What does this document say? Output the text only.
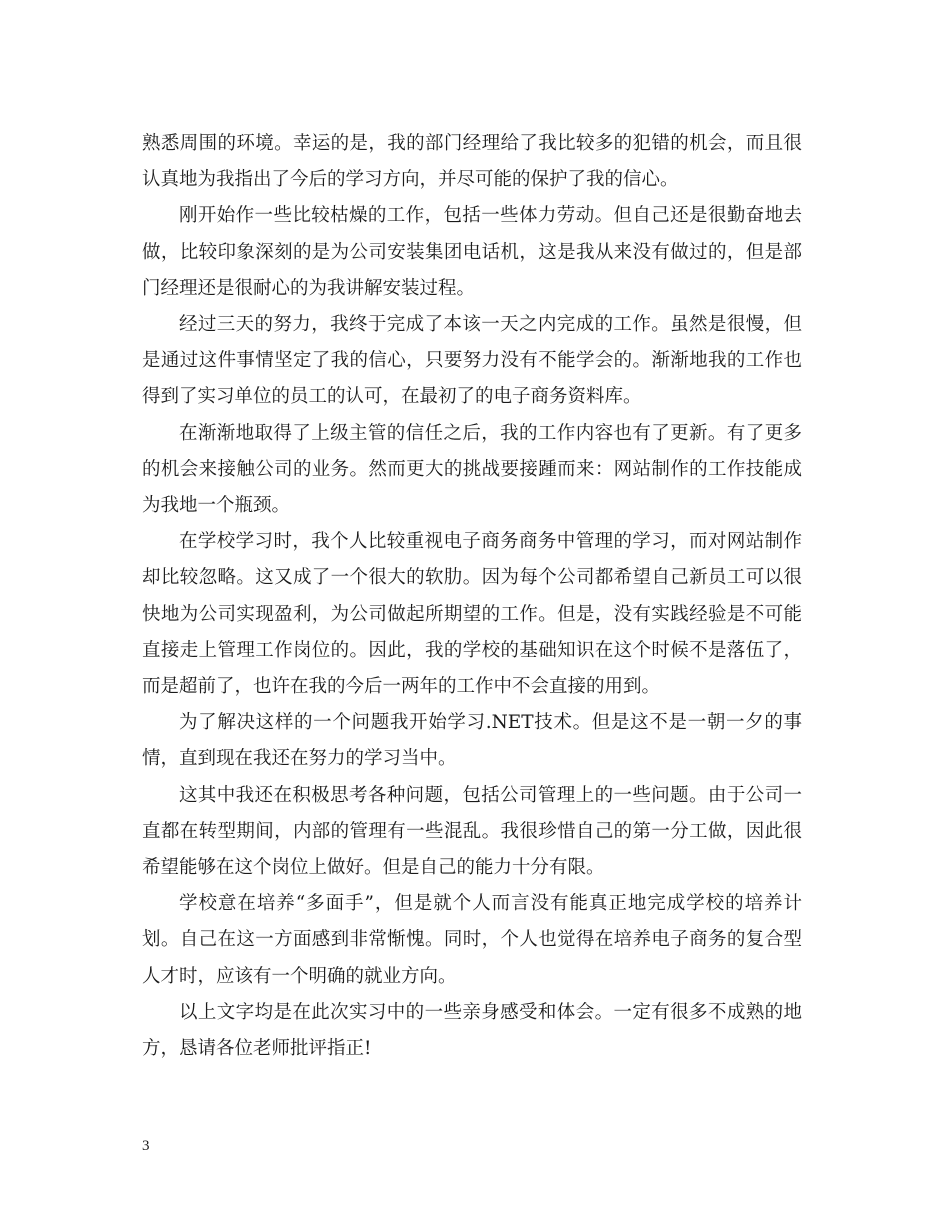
熟悉周围的环境。幸运的是，我的部门经理给了我比较多的犯错的机会，而且很认真地为我指出了今后的学习方向，并尽可能的保护了我的信心。

刚开始作一些比较枯燥的工作，包括一些体力劳动。但自己还是很勤奋地去做，比较印象深刻的是为公司安装集团电话机，这是我从来没有做过的，但是部门经理还是很耐心的为我讲解安装过程。

经过三天的努力，我终于完成了本该一天之内完成的工作。虽然是很慢，但是通过这件事情坚定了我的信心，只要努力没有不能学会的。渐渐地我的工作也得到了实习单位的员工的认可，在最初了的电子商务资料库。

在渐渐地取得了上级主管的信任之后，我的工作内容也有了更新。有了更多的机会来接触公司的业务。然而更大的挑战要接踵而来：网站制作的工作技能成为我地一个瓶颈。

在学校学习时，我个人比较重视电子商务商务中管理的学习，而对网站制作却比较忽略。这又成了一个很大的软肋。因为每个公司都希望自己新员工可以很快地为公司实现盈利，为公司做起所期望的工作。但是，没有实践经验是不可能直接走上管理工作岗位的。因此，我的学校的基础知识在这个时候不是落伍了，而是超前了，也许在我的今后一两年的工作中不会直接的用到。

为了解决这样的一个问题我开始学习.NET技术。但是这不是一朝一夕的事情，直到现在我还在努力的学习当中。

这其中我还在积极思考各种问题，包括公司管理上的一些问题。由于公司一直都在转型期间，内部的管理有一些混乱。我很珍惜自己的第一分工做，因此很希望能够在这个岗位上做好。但是自己的能力十分有限。

学校意在培养“多面手”，但是就个人而言没有能真正地完成学校的培养计划。自己在这一方面感到非常惭愧。同时，个人也觉得在培养电子商务的复合型人才时，应该有一个明确的就业方向。

以上文字均是在此次实习中的一些亲身感受和体会。一定有很多不成熟的地方，恳请各位老师批评指正!

3
